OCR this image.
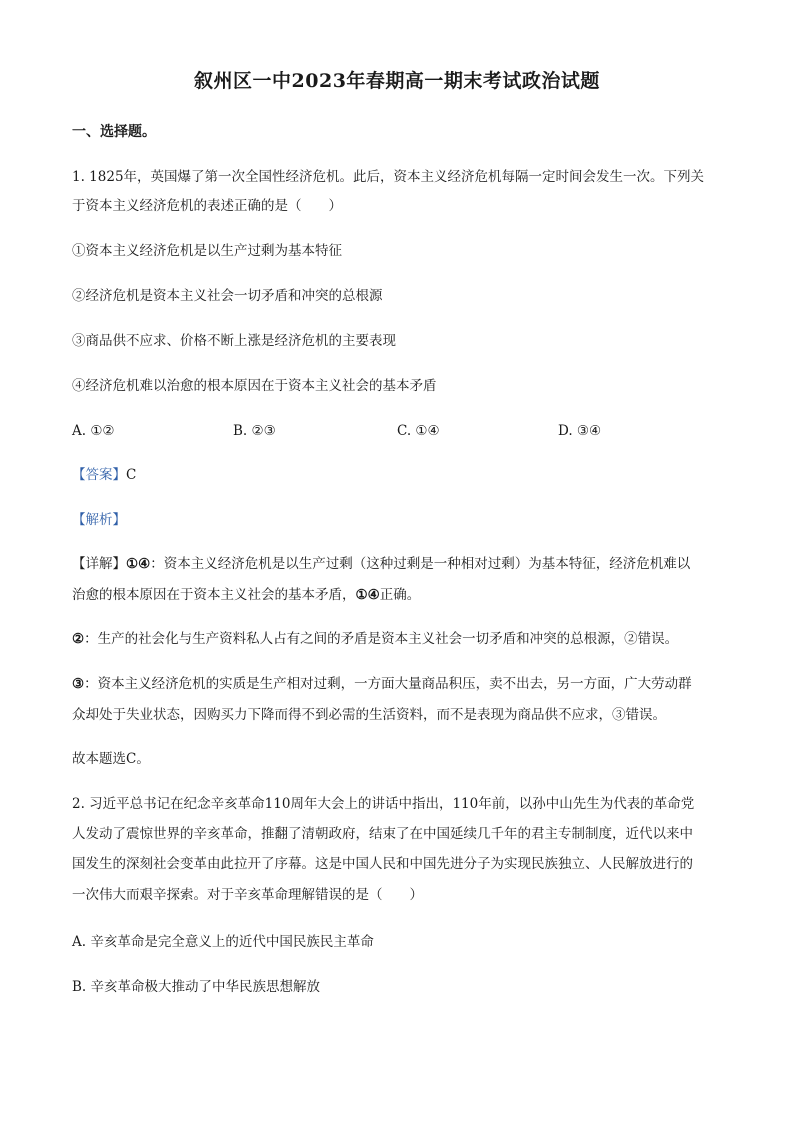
叙州区一中2023年春期高一期末考试政治试题
一、选择题。
1. 1825年，英国爆了第一次全国性经济危机。此后，资本主义经济危机每隔一定时间会发生一次。下列关
于资本主义经济危机的表述正确的是（　　）
①资本主义经济危机是以生产过剩为基本特征
②经济危机是资本主义社会一切矛盾和冲突的总根源
③商品供不应求、价格不断上涨是经济危机的主要表现
④经济危机难以治愈的根本原因在于资本主义社会的基本矛盾
A. ①②	B. ②③	C. ①④	D. ③④
【答案】C
【解析】
【详解】①④：资本主义经济危机是以生产过剩（这种过剩是一种相对过剩）为基本特征，经济危机难以
治愈的根本原因在于资本主义社会的基本矛盾，①④正确。
②：生产的社会化与生产资料私人占有之间的矛盾是资本主义社会一切矛盾和冲突的总根源，②错误。
③：资本主义经济危机的实质是生产相对过剩，一方面大量商品积压，卖不出去，另一方面，广大劳动群
众却处于失业状态，因购买力下降而得不到必需的生活资料，而不是表现为商品供不应求，③错误。
故本题选C。
2. 习近平总书记在纪念辛亥革命110周年大会上的讲话中指出，110年前，以孙中山先生为代表的革命党
人发动了震惊世界的辛亥革命，推翻了清朝政府，结束了在中国延续几千年的君主专制制度，近代以来中
国发生的深刻社会变革由此拉开了序幕。这是中国人民和中国先进分子为实现民族独立、人民解放进行的
一次伟大而艰辛探索。对于辛亥革命理解错误的是（　　）
A. 辛亥革命是完全意义上的近代中国民族民主革命
B. 辛亥革命极大推动了中华民族思想解放
